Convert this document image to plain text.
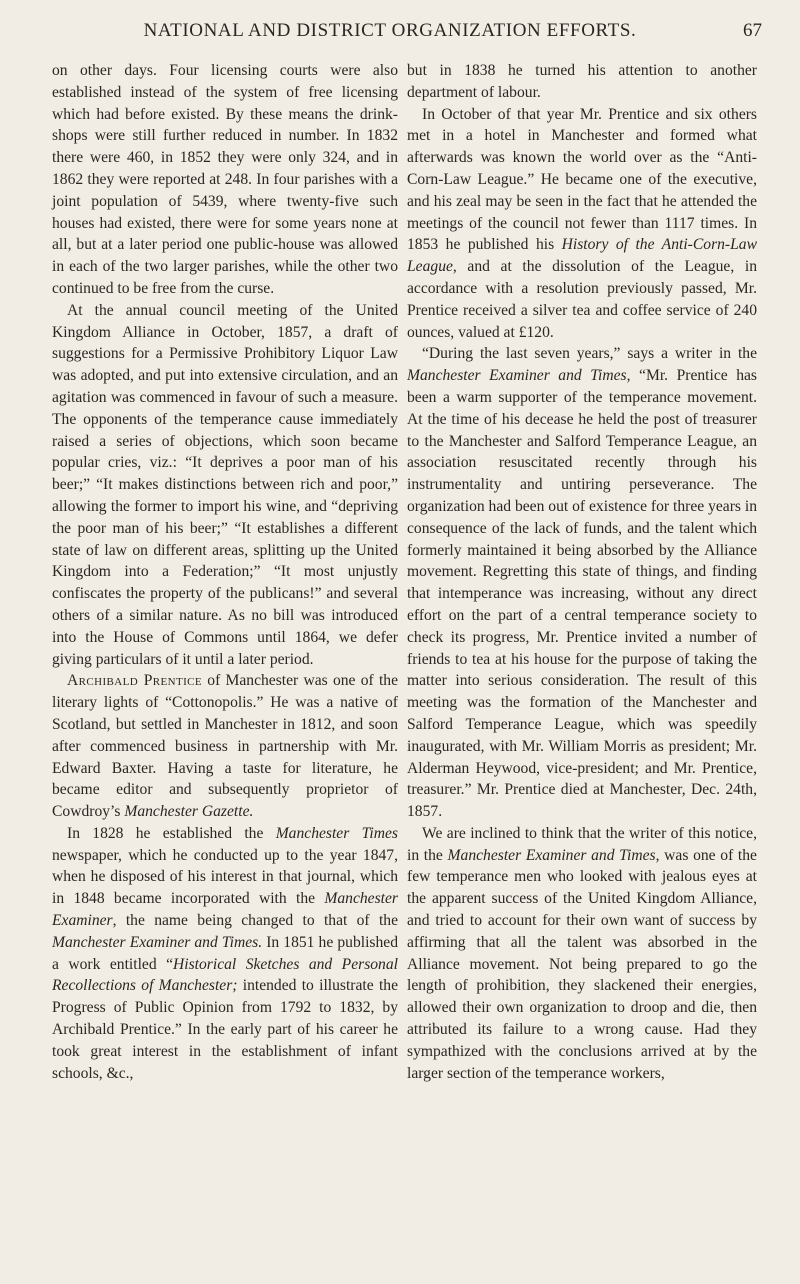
NATIONAL AND DISTRICT ORGANIZATION EFFORTS.	67

on other days. Four licensing courts were also established instead of the system of free licensing which had before existed. By these means the drink-shops were still further reduced in number. In 1832 there were 460, in 1852 they were only 324, and in 1862 they were reported at 248. In four parishes with a joint population of 5439, where twenty-five such houses had existed, there were for some years none at all, but at a later period one public-house was allowed in each of the two larger parishes, while the other two continued to be free from the curse.

At the annual council meeting of the United Kingdom Alliance in October, 1857, a draft of suggestions for a Permissive Prohibitory Liquor Law was adopted, and put into extensive circulation, and an agitation was commenced in favour of such a measure. The opponents of the temperance cause immediately raised a series of objections, which soon became popular cries, viz.: “It deprives a poor man of his beer;” “It makes distinctions between rich and poor,” allowing the former to import his wine, and “depriving the poor man of his beer;” “It establishes a different state of law on different areas, splitting up the United Kingdom into a Federation;” “It most unjustly confiscates the property of the publicans!” and several others of a similar nature. As no bill was introduced into the House of Commons until 1864, we defer giving particulars of it until a later period.

Archibald Prentice of Manchester was one of the literary lights of “Cottonopolis.” He was a native of Scotland, but settled in Manchester in 1812, and soon after commenced business in partnership with Mr. Edward Baxter. Having a taste for literature, he became editor and subsequently proprietor of Cowdroy’s Manchester Gazette.

In 1828 he established the Manchester Times newspaper, which he conducted up to the year 1847, when he disposed of his interest in that journal, which in 1848 became incorporated with the Manchester Examiner, the name being changed to that of the Manchester Examiner and Times. In 1851 he published a work entitled “Historical Sketches and Personal Recollections of Manchester; intended to illustrate the Progress of Public Opinion from 1792 to 1832, by Archibald Prentice.” In the early part of his career he took great interest in the establishment of infant schools, &c.,

but in 1838 he turned his attention to another department of labour.

In October of that year Mr. Prentice and six others met in a hotel in Manchester and formed what afterwards was known the world over as the “Anti-Corn-Law League.” He became one of the executive, and his zeal may be seen in the fact that he attended the meetings of the council not fewer than 1117 times. In 1853 he published his History of the Anti-Corn-Law League, and at the dissolution of the League, in accordance with a resolution previously passed, Mr. Prentice received a silver tea and coffee service of 240 ounces, valued at £120.

“During the last seven years,” says a writer in the Manchester Examiner and Times, “Mr. Prentice has been a warm supporter of the temperance movement. At the time of his decease he held the post of treasurer to the Manchester and Salford Temperance League, an association resuscitated recently through his instrumentality and untiring perseverance. The organization had been out of existence for three years in consequence of the lack of funds, and the talent which formerly maintained it being absorbed by the Alliance movement. Regretting this state of things, and finding that intemperance was increasing, without any direct effort on the part of a central temperance society to check its progress, Mr. Prentice invited a number of friends to tea at his house for the purpose of taking the matter into serious consideration. The result of this meeting was the formation of the Manchester and Salford Temperance League, which was speedily inaugurated, with Mr. William Morris as president; Mr. Alderman Heywood, vice-president; and Mr. Prentice, treasurer.” Mr. Prentice died at Manchester, Dec. 24th, 1857.

We are inclined to think that the writer of this notice, in the Manchester Examiner and Times, was one of the few temperance men who looked with jealous eyes at the apparent success of the United Kingdom Alliance, and tried to account for their own want of success by affirming that all the talent was absorbed in the Alliance movement. Not being prepared to go the length of prohibition, they slackened their energies, allowed their own organization to droop and die, then attributed its failure to a wrong cause. Had they sympathized with the conclusions arrived at by the larger section of the temperance workers,
